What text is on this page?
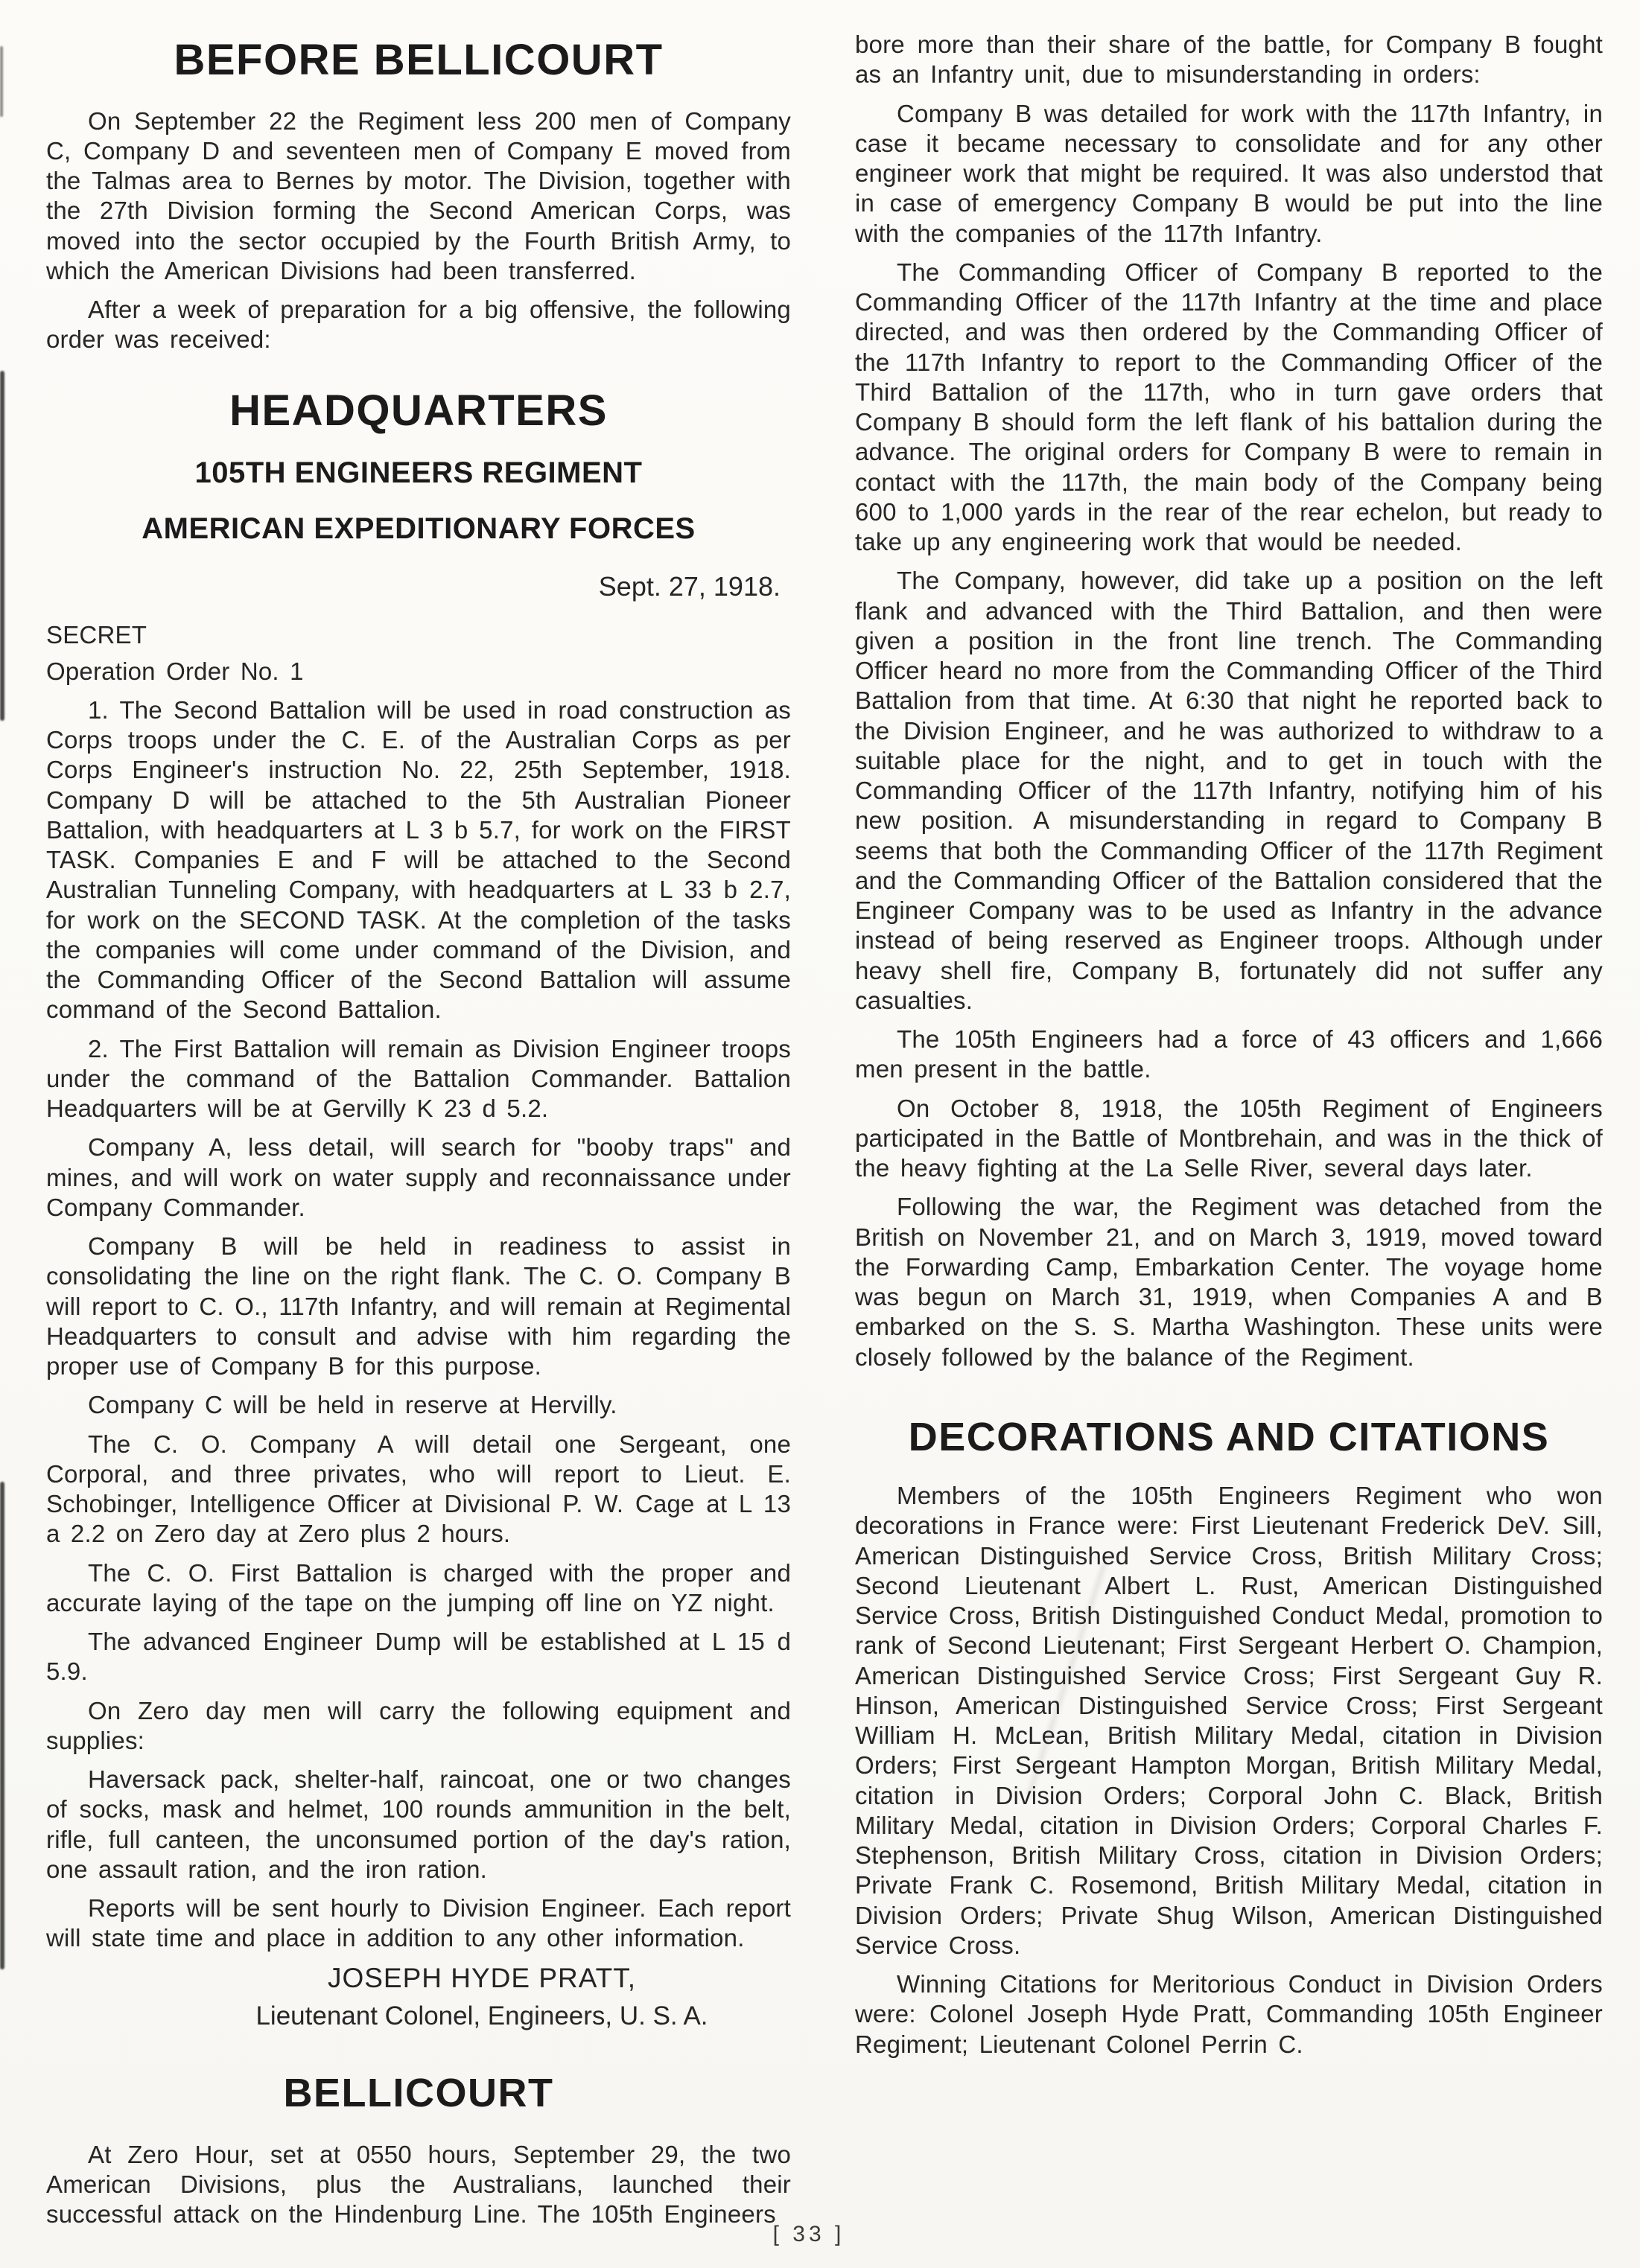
BEFORE BELLICOURT

On September 22 the Regiment less 200 men of Company C, Company D and seventeen men of Company E moved from the Talmas area to Bernes by motor. The Division, together with the 27th Division forming the Second American Corps, was moved into the sector occupied by the Fourth British Army, to which the American Divisions had been transferred.

After a week of preparation for a big offensive, the following order was received:

HEADQUARTERS
105TH ENGINEERS REGIMENT
AMERICAN EXPEDITIONARY FORCES

Sept. 27, 1918.

SECRET

Operation Order No. 1

1. The Second Battalion will be used in road construction as Corps troops under the C. E. of the Australian Corps as per Corps Engineer's instruction No. 22, 25th September, 1918. Company D will be attached to the 5th Australian Pioneer Battalion, with headquarters at L 3 b 5.7, for work on the FIRST TASK. Companies E and F will be attached to the Second Australian Tunneling Company, with headquarters at L 33 b 2.7, for work on the SECOND TASK. At the completion of the tasks the companies will come under command of the Division, and the Commanding Officer of the Second Battalion will assume command of the Second Battalion.

2. The First Battalion will remain as Division Engineer troops under the command of the Battalion Commander. Battalion Headquarters will be at Gervilly K 23 d 5.2.

Company A, less detail, will search for "booby traps" and mines, and will work on water supply and reconnaissance under Company Commander.

Company B will be held in readiness to assist in consolidating the line on the right flank. The C. O. Company B will report to C. O., 117th Infantry, and will remain at Regimental Headquarters to consult and advise with him regarding the proper use of Company B for this purpose.

Company C will be held in reserve at Hervilly.

The C. O. Company A will detail one Sergeant, one Corporal, and three privates, who will report to Lieut. E. Schobinger, Intelligence Officer at Divisional P. W. Cage at L 13 a 2.2 on Zero day at Zero plus 2 hours.

The C. O. First Battalion is charged with the proper and accurate laying of the tape on the jumping off line on YZ night.

The advanced Engineer Dump will be established at L 15 d 5.9.

On Zero day men will carry the following equipment and supplies:

Haversack pack, shelter-half, raincoat, one or two changes of socks, mask and helmet, 100 rounds ammunition in the belt, rifle, full canteen, the unconsumed portion of the day's ration, one assault ration, and the iron ration.

Reports will be sent hourly to Division Engineer. Each report will state time and place in addition to any other information.

JOSEPH HYDE PRATT,

Lieutenant Colonel, Engineers, U. S. A.

BELLICOURT

At Zero Hour, set at 0550 hours, September 29, the two American Divisions, plus the Australians, launched their successful attack on the Hindenburg Line. The 105th Engineers

bore more than their share of the battle, for Company B fought as an Infantry unit, due to misunderstanding in orders:

Company B was detailed for work with the 117th Infantry, in case it became necessary to consolidate and for any other engineer work that might be required. It was also understod that in case of emergency Company B would be put into the line with the companies of the 117th Infantry.

The Commanding Officer of Company B reported to the Commanding Officer of the 117th Infantry at the time and place directed, and was then ordered by the Commanding Officer of the 117th Infantry to report to the Commanding Officer of the Third Battalion of the 117th, who in turn gave orders that Company B should form the left flank of his battalion during the advance. The original orders for Company B were to remain in contact with the 117th, the main body of the Company being 600 to 1,000 yards in the rear of the rear echelon, but ready to take up any engineering work that would be needed.

The Company, however, did take up a position on the left flank and advanced with the Third Battalion, and then were given a position in the front line trench. The Commanding Officer heard no more from the Commanding Officer of the Third Battalion from that time. At 6:30 that night he reported back to the Division Engineer, and he was authorized to withdraw to a suitable place for the night, and to get in touch with the Commanding Officer of the 117th Infantry, notifying him of his new position. A misunderstanding in regard to Company B seems that both the Commanding Officer of the 117th Regiment and the Commanding Officer of the Battalion considered that the Engineer Company was to be used as Infantry in the advance instead of being reserved as Engineer troops. Although under heavy shell fire, Company B, fortunately did not suffer any casualties.

The 105th Engineers had a force of 43 officers and 1,666 men present in the battle.

On October 8, 1918, the 105th Regiment of Engineers participated in the Battle of Montbrehain, and was in the thick of the heavy fighting at the La Selle River, several days later.

Following the war, the Regiment was detached from the British on November 21, and on March 3, 1919, moved toward the Forwarding Camp, Embarkation Center. The voyage home was begun on March 31, 1919, when Companies A and B embarked on the S. S. Martha Washington. These units were closely followed by the balance of the Regiment.

DECORATIONS AND CITATIONS

Members of the 105th Engineers Regiment who won decorations in France were: First Lieutenant Frederick DeV. Sill, American Distinguished Service Cross, British Military Cross; Second Lieutenant Albert L. Rust, American Distinguished Service Cross, British Distinguished Conduct Medal, promotion to rank of Second Lieutenant; First Sergeant Herbert O. Champion, American Distinguished Service Cross; First Sergeant Guy R. Hinson, American Distinguished Service Cross; First Sergeant William H. McLean, British Military Medal, citation in Division Orders; First Sergeant Hampton Morgan, British Military Medal, citation in Division Orders; Corporal John C. Black, British Military Medal, citation in Division Orders; Corporal Charles F. Stephenson, British Military Cross, citation in Division Orders; Private Frank C. Rosemond, British Military Medal, citation in Division Orders; Private Shug Wilson, American Distinguished Service Cross.

Winning Citations for Meritorious Conduct in Division Orders were: Colonel Joseph Hyde Pratt, Commanding 105th Engineer Regiment; Lieutenant Colonel Perrin C.

[ 33 ]
